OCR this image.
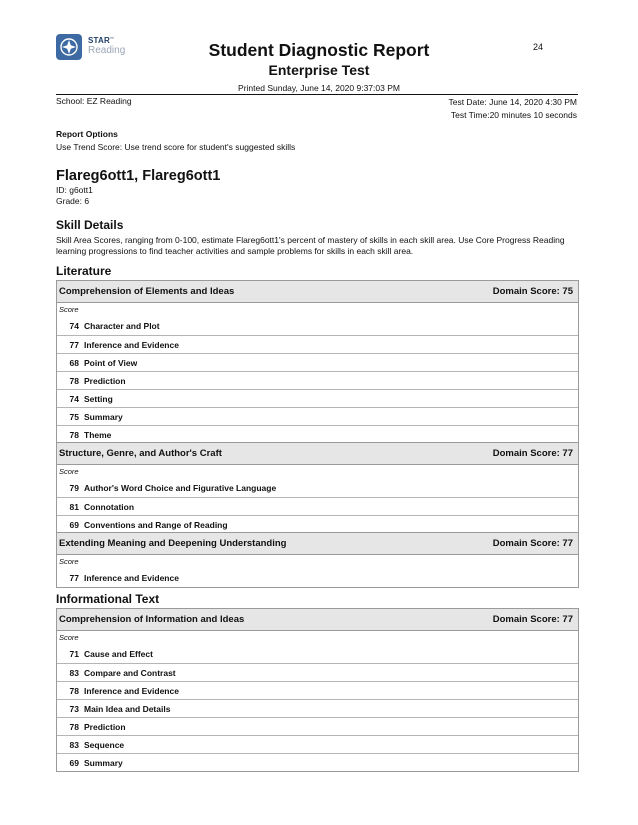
STAR™
Reading	24
Student Diagnostic Report
Enterprise Test
Printed Sunday, June 14, 2020 9:37:03 PM
School: EZ Reading	Test Date: June 14, 2020 4:30 PM
Test Time:20 minutes 10 seconds
Report Options
Use Trend Score: Use trend score for student's suggested skills
Flareg6ott1, Flareg6ott1
ID: g6ott1
Grade: 6
Skill Details
Skill Area Scores, ranging from 0-100, estimate Flareg6ott1's percent of mastery of skills in each skill area. Use Core Progress Reading learning progressions to find teacher activities and sample problems for skills in each skill area.
Literature
Comprehension of Elements and Ideas	Domain Score: 75
Score
74 Character and Plot
77 Inference and Evidence
68 Point of View
78 Prediction
74 Setting
75 Summary
78 Theme
Structure, Genre, and Author's Craft	Domain Score: 77
Score
79 Author's Word Choice and Figurative Language
81 Connotation
69 Conventions and Range of Reading
Extending Meaning and Deepening Understanding	Domain Score: 77
Score
77 Inference and Evidence
Informational Text
Comprehension of Information and Ideas	Domain Score: 77
Score
71 Cause and Effect
83 Compare and Contrast
78 Inference and Evidence
73 Main Idea and Details
78 Prediction
83 Sequence
69 Summary
